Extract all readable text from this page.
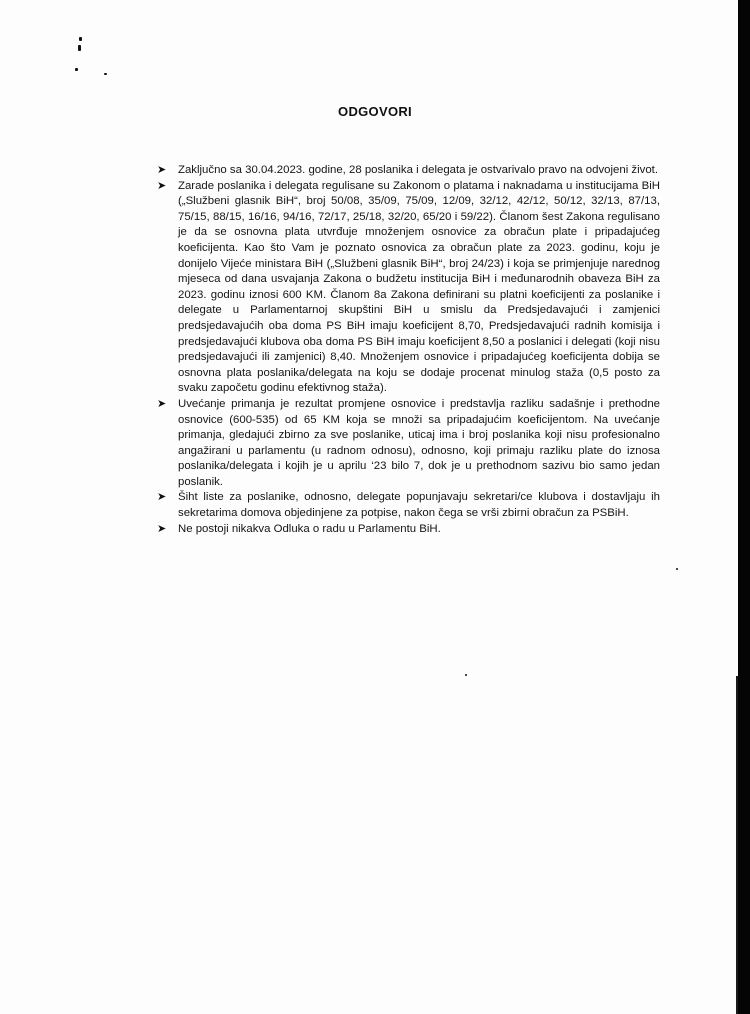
ODGOVORI
➤ Zaključno sa 30.04.2023. godine, 28 poslanika i delegata je ostvarivalo pravo na odvojeni život.
➤ Zarade poslanika i delegata regulisane su Zakonom o platama i naknadama u institucijama BiH („Službeni glasnik BiH“, broj 50/08, 35/09, 75/09, 12/09, 32/12, 42/12, 50/12, 32/13, 87/13, 75/15, 88/15, 16/16, 94/16, 72/17, 25/18, 32/20, 65/20 i 59/22). Članom šest Zakona regulisano je da se osnovna plata utvrđuje množenjem osnovice za obračun plate i pripadajućeg koeficijenta. Kao što Vam je poznato osnovica za obračun plate za 2023. godinu, koju je donijelo Vijeće ministara BiH („Službeni glasnik BiH“, broj 24/23) i koja se primjenjuje narednog mjeseca od dana usvajanja Zakona o budžetu institucija BiH i međunarodnih obaveza BiH za 2023. godinu iznosi 600 KM. Članom 8a Zakona definirani su platni koeficijenti za poslanike i delegate u Parlamentarnoj skupštini BiH u smislu da Predsjedavajući i zamjenici predsjedavajućih oba doma PS BiH imaju koeficijent 8,70, Predsjedavajući radnih komisija i predsjedavajući klubova oba doma PS BiH imaju koeficijent 8,50 a poslanici i delegati (koji nisu predsjedavajući ili zamjenici) 8,40. Množenjem osnovice i pripadajućeg koeficijenta dobija se osnovna plata poslanika/delegata na koju se dodaje procenat minulog staža (0,5 posto za svaku započetu godinu efektivnog staža).
➤ Uvećanje primanja je rezultat promjene osnovice i predstavlja razliku sadašnje i prethodne osnovice (600-535) od 65 KM koja se množi sa pripadajućim koeficijentom. Na uvećanje primanja, gledajući zbirno za sve poslanike, uticaj ima i broj poslanika koji nisu profesionalno angažirani u parlamentu (u radnom odnosu), odnosno, koji primaju razliku plate do iznosa poslanika/delegata i kojih je u aprilu ‘23 bilo 7, dok je u prethodnom sazivu bio samo jedan poslanik.
➤ Šiht liste za poslanike, odnosno, delegate popunjavaju sekretari/ce klubova i dostavljaju ih sekretarima domova objedinjene za potpise, nakon čega se vrši zbirni obračun za PSBiH.
➤ Ne postoji nikakva Odluka o radu u Parlamentu BiH.
